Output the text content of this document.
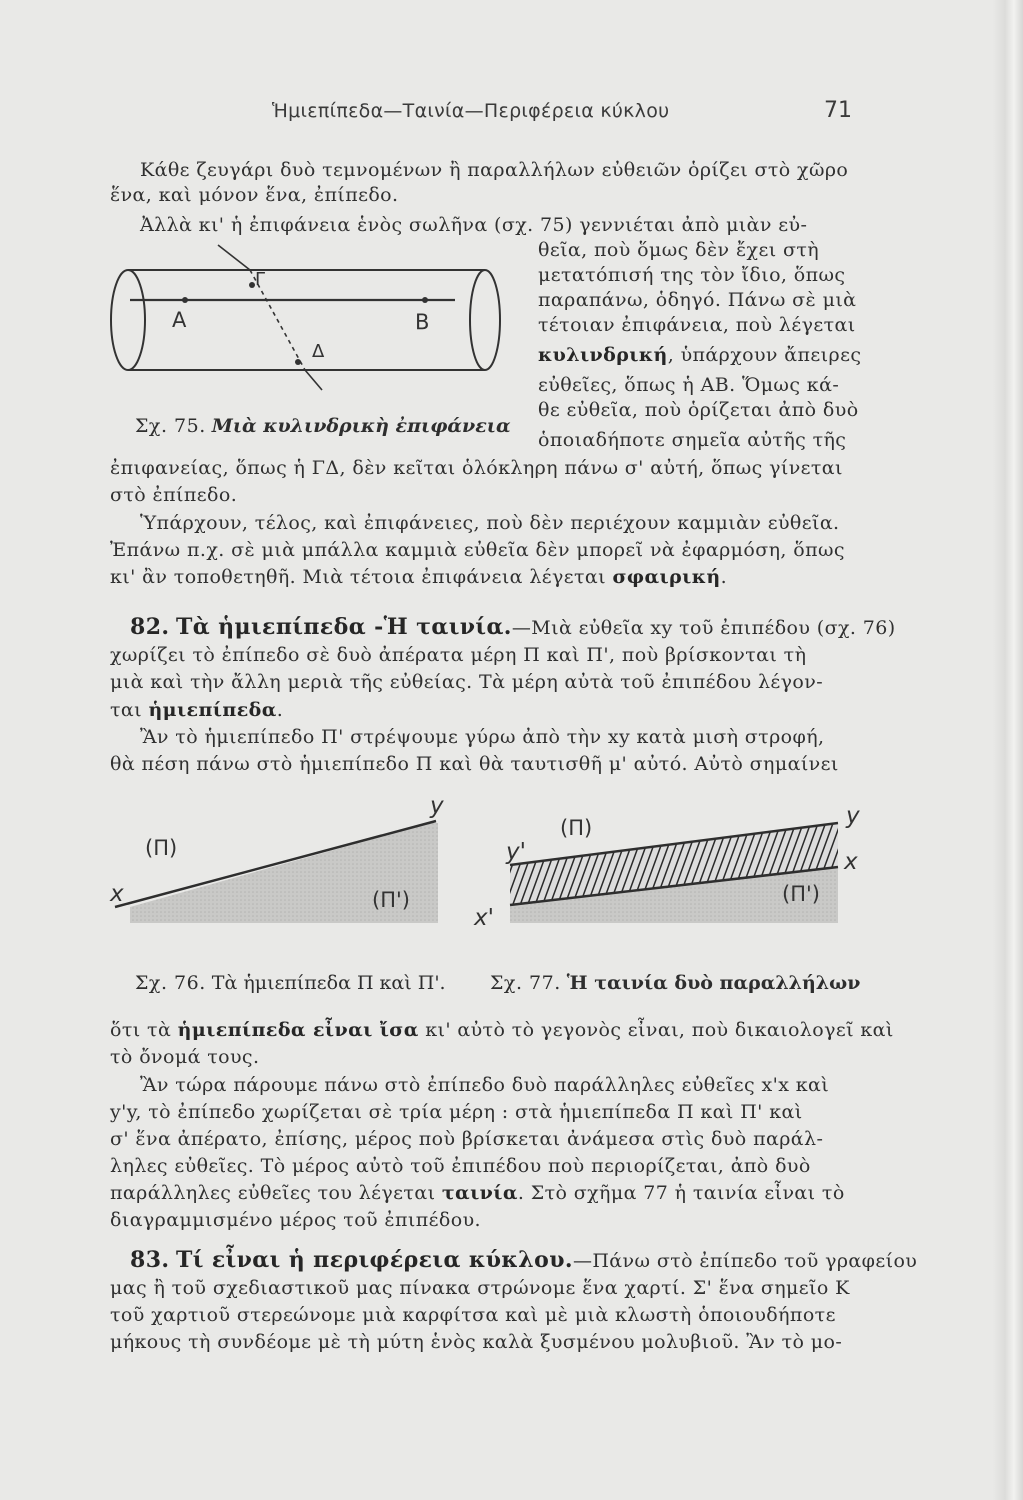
Ἡμιεπίπεδα—Ταινία—Περιφέρεια κύκλου	71
Κάθε ζευγάρι δυὸ τεμνομένων ἢ παραλλήλων εὐθειῶν ὁρίζει στὸ χῶρο
ἕνα, καὶ μόνον ἕνα, ἐπίπεδο.
Ἀλλὰ κι' ἡ ἐπιφάνεια ἑνὸς σωλῆνα (σχ. 75) γεννιέται ἀπὸ μιὰν εὐ-
θεῖα, ποὺ ὅμως δὲν ἔχει στὴ
μετατόπισή της τὸν ἴδιο, ὅπως
παραπάνω, ὁδηγό. Πάνω σὲ μιὰ
τέτοιαν ἐπιφάνεια, ποὺ λέγεται
κυλινδρική, ὑπάρχουν ἄπειρες
εὐθεῖες, ὅπως ἡ ΑΒ. Ὅμως κά-
θε εὐθεῖα, ποὺ ὁρίζεται ἀπὸ δυὸ
ὁποιαδήποτε σημεῖα αὐτῆς τῆς
ἐπιφανείας, ὅπως ἡ ΓΔ, δὲν κεῖται ὁλόκληρη πάνω σ' αὐτή, ὅπως γίνεται
στὸ ἐπίπεδο.
Α	Β
Γ
Δ
Σχ. 75. Μιὰ κυλινδρικὴ ἐπιφάνεια
Ὑπάρχουν, τέλος, καὶ ἐπιφάνειες, ποὺ δὲν περιέχουν καμμιὰν εὐθεῖα.
Ἐπάνω π.χ. σὲ μιὰ μπάλλα καμμιὰ εὐθεῖα δὲν μπορεῖ νὰ ἐφαρμόση, ὅπως
κι' ἂν τοποθετηθῆ. Μιὰ τέτοια ἐπιφάνεια λέγεται σφαιρική.
82. Τὰ ἡμιεπίπεδα -Ἡ ταινία.—Μιὰ εὐθεῖα xy τοῦ ἐπιπέδου (σχ. 76)
χωρίζει τὸ ἐπίπεδο σὲ δυὸ ἀπέρατα μέρη Π καὶ Π', ποὺ βρίσκονται τὴ
μιὰ καὶ τὴν ἄλλη μεριὰ τῆς εὐθείας. Τὰ μέρη αὐτὰ τοῦ ἐπιπέδου λέγον-
ται ἡμιεπίπεδα.
Ἂν τὸ ἡμιεπίπεδο Π' στρέψουμε γύρω ἀπὸ τὴν xy κατὰ μισὴ στροφή,
θὰ πέση πάνω στὸ ἡμιεπίπεδο Π καὶ θὰ ταυτισθῆ μ' αὐτό. Αὐτὸ σημαίνει
(Π)
(Π')
x
y
Σχ. 76. Τὰ ἡμιεπίπεδα Π καὶ Π'.
(Π)
(Π')
y
x
y'
x'
Σχ. 77. Ἡ ταινία δυὸ παραλλήλων
ὅτι τὰ ἡμιεπίπεδα εἶναι ἴσα κι' αὐτὸ τὸ γεγονὸς εἶναι, ποὺ δικαιολογεῖ καὶ
τὸ ὄνομά τους.
Ἂν τώρα πάρουμε πάνω στὸ ἐπίπεδο δυὸ παράλληλες εὐθεῖες x'x καὶ
y'y, τὸ ἐπίπεδο χωρίζεται σὲ τρία μέρη : στὰ ἡμιεπίπεδα Π καὶ Π' καὶ
σ' ἕνα ἀπέρατο, ἐπίσης, μέρος ποὺ βρίσκεται ἀνάμεσα στὶς δυὸ παράλ-
ληλες εὐθεῖες. Τὸ μέρος αὐτὸ τοῦ ἐπιπέδου ποὺ περιορίζεται, ἀπὸ δυὸ
παράλληλες εὐθεῖες του λέγεται ταινία. Στὸ σχῆμα 77 ἡ ταινία εἶναι τὸ
διαγραμμισμένο μέρος τοῦ ἐπιπέδου.
83. Τί εἶναι ἡ περιφέρεια κύκλου.—Πάνω στὸ ἐπίπεδο τοῦ γραφείου
μας ἢ τοῦ σχεδιαστικοῦ μας πίνακα στρώνομε ἕνα χαρτί. Σ' ἕνα σημεῖο Κ
τοῦ χαρτιοῦ στερεώνομε μιὰ καρφίτσα καὶ μὲ μιὰ κλωστὴ ὁποιουδήποτε
μήκους τὴ συνδέομε μὲ τὴ μύτη ἑνὸς καλὰ ξυσμένου μολυβιοῦ. Ἂν τὸ μο-
